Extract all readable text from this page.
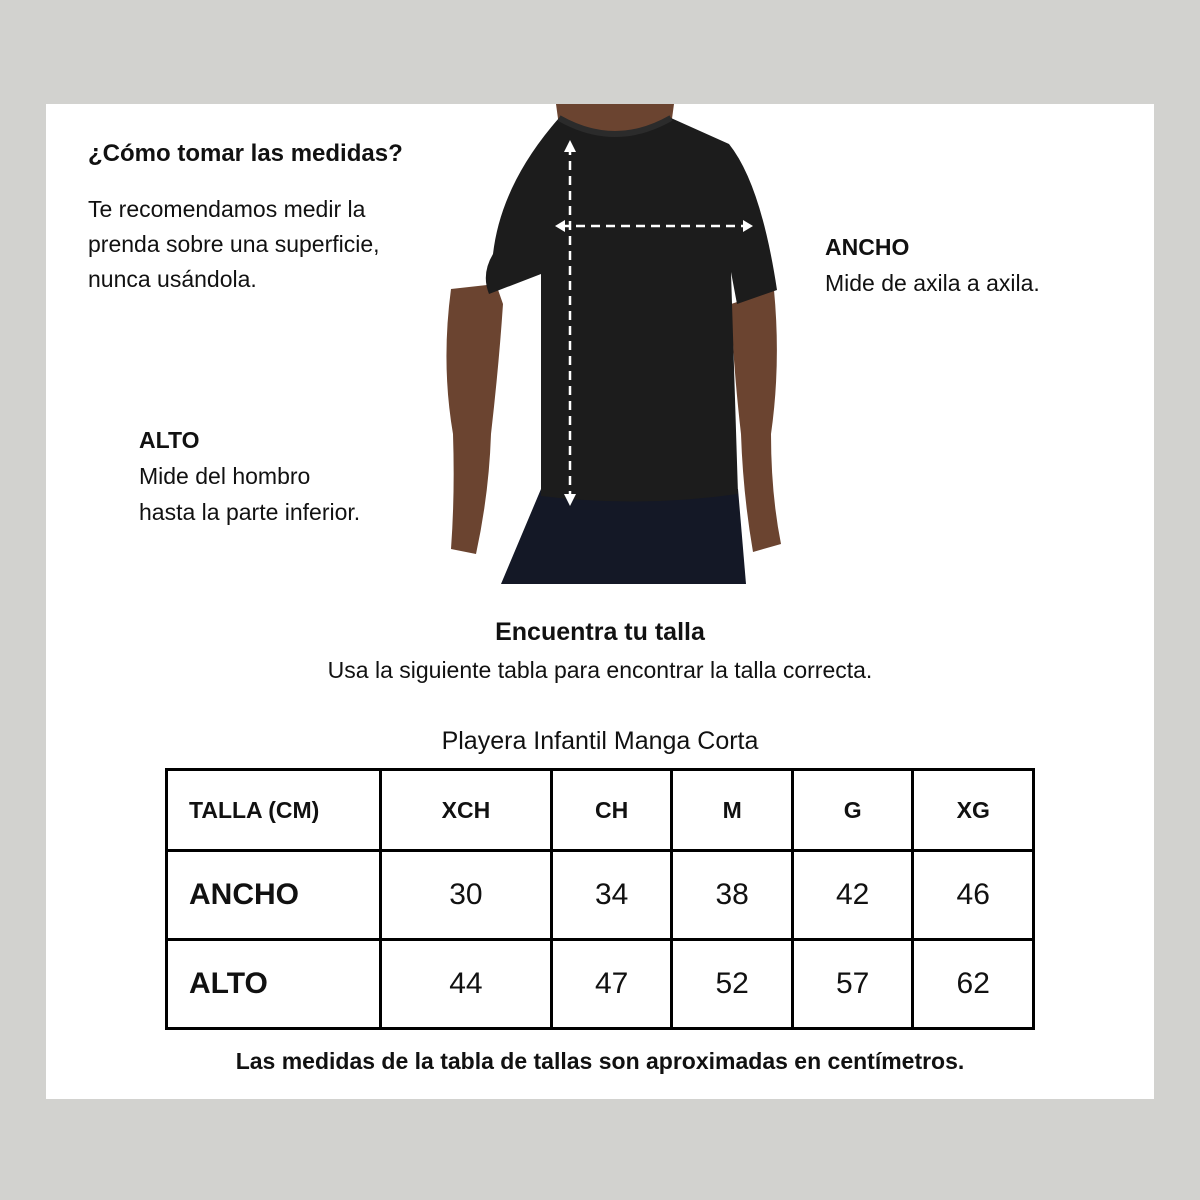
¿Cómo tomar las medidas?

Te recomendamos medir la prenda sobre una superficie, nunca usándola.

ANCHO
Mide de axila a axila.
ALTO
Mide del hombro
hasta la parte inferior.
Encuentra tu talla

Usa la siguiente tabla para encontrar la talla correcta.

Playera Infantil Manga Corta

TALLA (CM)	XCH	CH	M	G	XG
ANCHO	30	34	38	42	46
ALTO	44	47	52	57	62

Las medidas de la tabla de tallas son aproximadas en centímetros.
